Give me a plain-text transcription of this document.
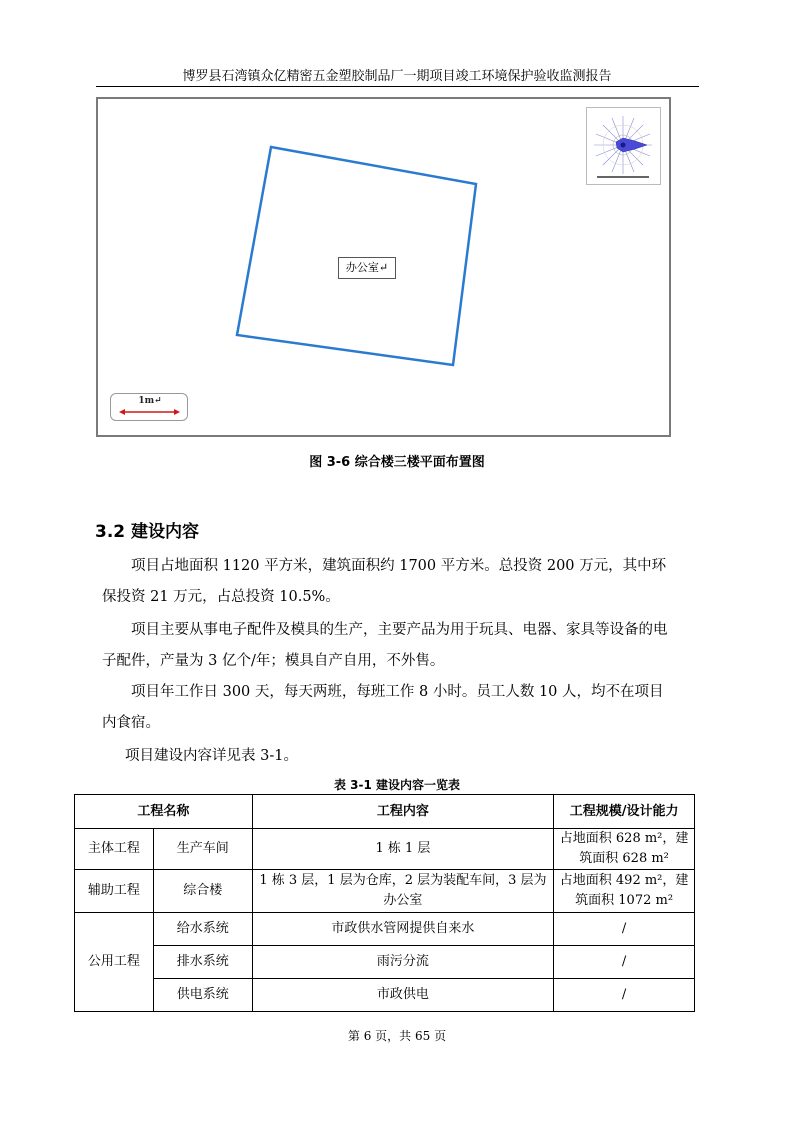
博罗县石湾镇众亿精密五金塑胶制品厂一期项目竣工环境保护验收监测报告
办公室↵
1m↵
图 3-6 综合楼三楼平面布置图
3.2 建设内容
项目占地面积 1120 平方米，建筑面积约 1700 平方米。总投资 200 万元，其中环保投资 21 万元，占总投资 10.5%。
项目主要从事电子配件及模具的生产，主要产品为用于玩具、电器、家具等设备的电子配件，产量为 3 亿个/年；模具自产自用，不外售。
项目年工作日 300 天，每天两班，每班工作 8 小时。员工人数 10 人，均不在项目内食宿。
项目建设内容详见表 3-1。
表 3-1 建设内容一览表
工程名称		工程内容	工程规模/设计能力
主体工程	生产车间	1 栋 1 层	占地面积 628 m²，建筑面积 628 m²
辅助工程	综合楼	1 栋 3 层，1 层为仓库，2 层为装配车间，3 层为办公室	占地面积 492 m²，建筑面积 1072 m²
公用工程	给水系统	市政供水管网提供自来水	/
	排水系统	雨污分流	/
	供电系统	市政供电	/
第 6 页，共 65 页
